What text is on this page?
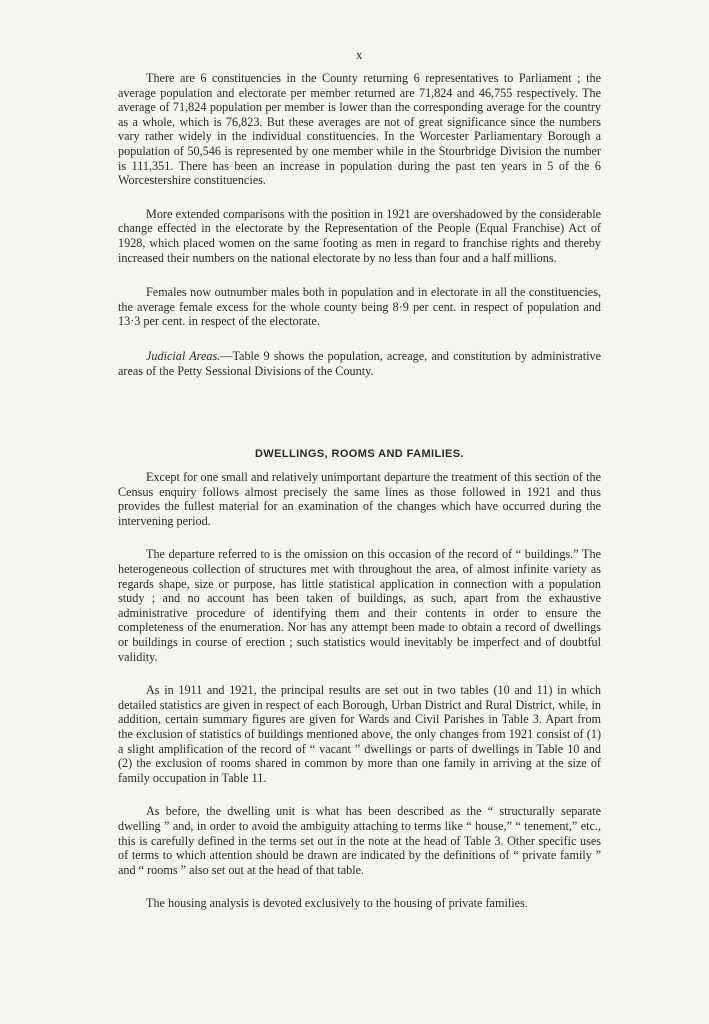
x

There are 6 constituencies in the County returning 6 representatives to Parliament ; the average population and electorate per member returned are 71,824 and 46,755 respectively. The average of 71,824 population per member is lower than the corresponding average for the country as a whole, which is 76,823. But these averages are not of great significance since the numbers vary rather widely in the individual constituencies. In the Worcester Parliamentary Borough a population of 50,546 is represented by one member while in the Stourbridge Division the number is 111,351. There has been an increase in population during the past ten years in 5 of the 6 Worcestershire constituencies.

More extended comparisons with the position in 1921 are overshadowed by the considerable change effected in the electorate by the Representation of the People (Equal Franchise) Act of 1928, which placed women on the same footing as men in regard to franchise rights and thereby increased their numbers on the national electorate by no less than four and a half millions.

Females now outnumber males both in population and in electorate in all the constituencies, the average female excess for the whole county being 8·9 per cent. in respect of population and 13·3 per cent. in respect of the electorate.

Judicial Areas.—Table 9 shows the population, acreage, and constitution by administrative areas of the Petty Sessional Divisions of the County.

DWELLINGS, ROOMS AND FAMILIES.

Except for one small and relatively unimportant departure the treatment of this section of the Census enquiry follows almost precisely the same lines as those followed in 1921 and thus provides the fullest material for an examination of the changes which have occurred during the intervening period.

The departure referred to is the omission on this occasion of the record of “ buildings.” The heterogeneous collection of structures met with throughout the area, of almost infinite variety as regards shape, size or purpose, has little statistical application in connection with a population study ; and no account has been taken of buildings, as such, apart from the exhaustive administrative procedure of identifying them and their contents in order to ensure the completeness of the enumeration. Nor has any attempt been made to obtain a record of dwellings or buildings in course of erection ; such statistics would inevitably be imperfect and of doubtful validity.

As in 1911 and 1921, the principal results are set out in two tables (10 and 11) in which detailed statistics are given in respect of each Borough, Urban District and Rural District, while, in addition, certain summary figures are given for Wards and Civil Parishes in Table 3. Apart from the exclusion of statistics of buildings mentioned above, the only changes from 1921 consist of (1) a slight amplification of the record of “ vacant ” dwellings or parts of dwellings in Table 10 and (2) the exclusion of rooms shared in common by more than one family in arriving at the size of family occupation in Table 11.

As before, the dwelling unit is what has been described as the “ structurally separate dwelling ” and, in order to avoid the ambiguity attaching to terms like “ house,” “ tenement,” etc., this is carefully defined in the terms set out in the note at the head of Table 3. Other specific uses of terms to which attention should be drawn are indicated by the definitions of “ private family ” and “ rooms ” also set out at the head of that table.

The housing analysis is devoted exclusively to the housing of private families.
